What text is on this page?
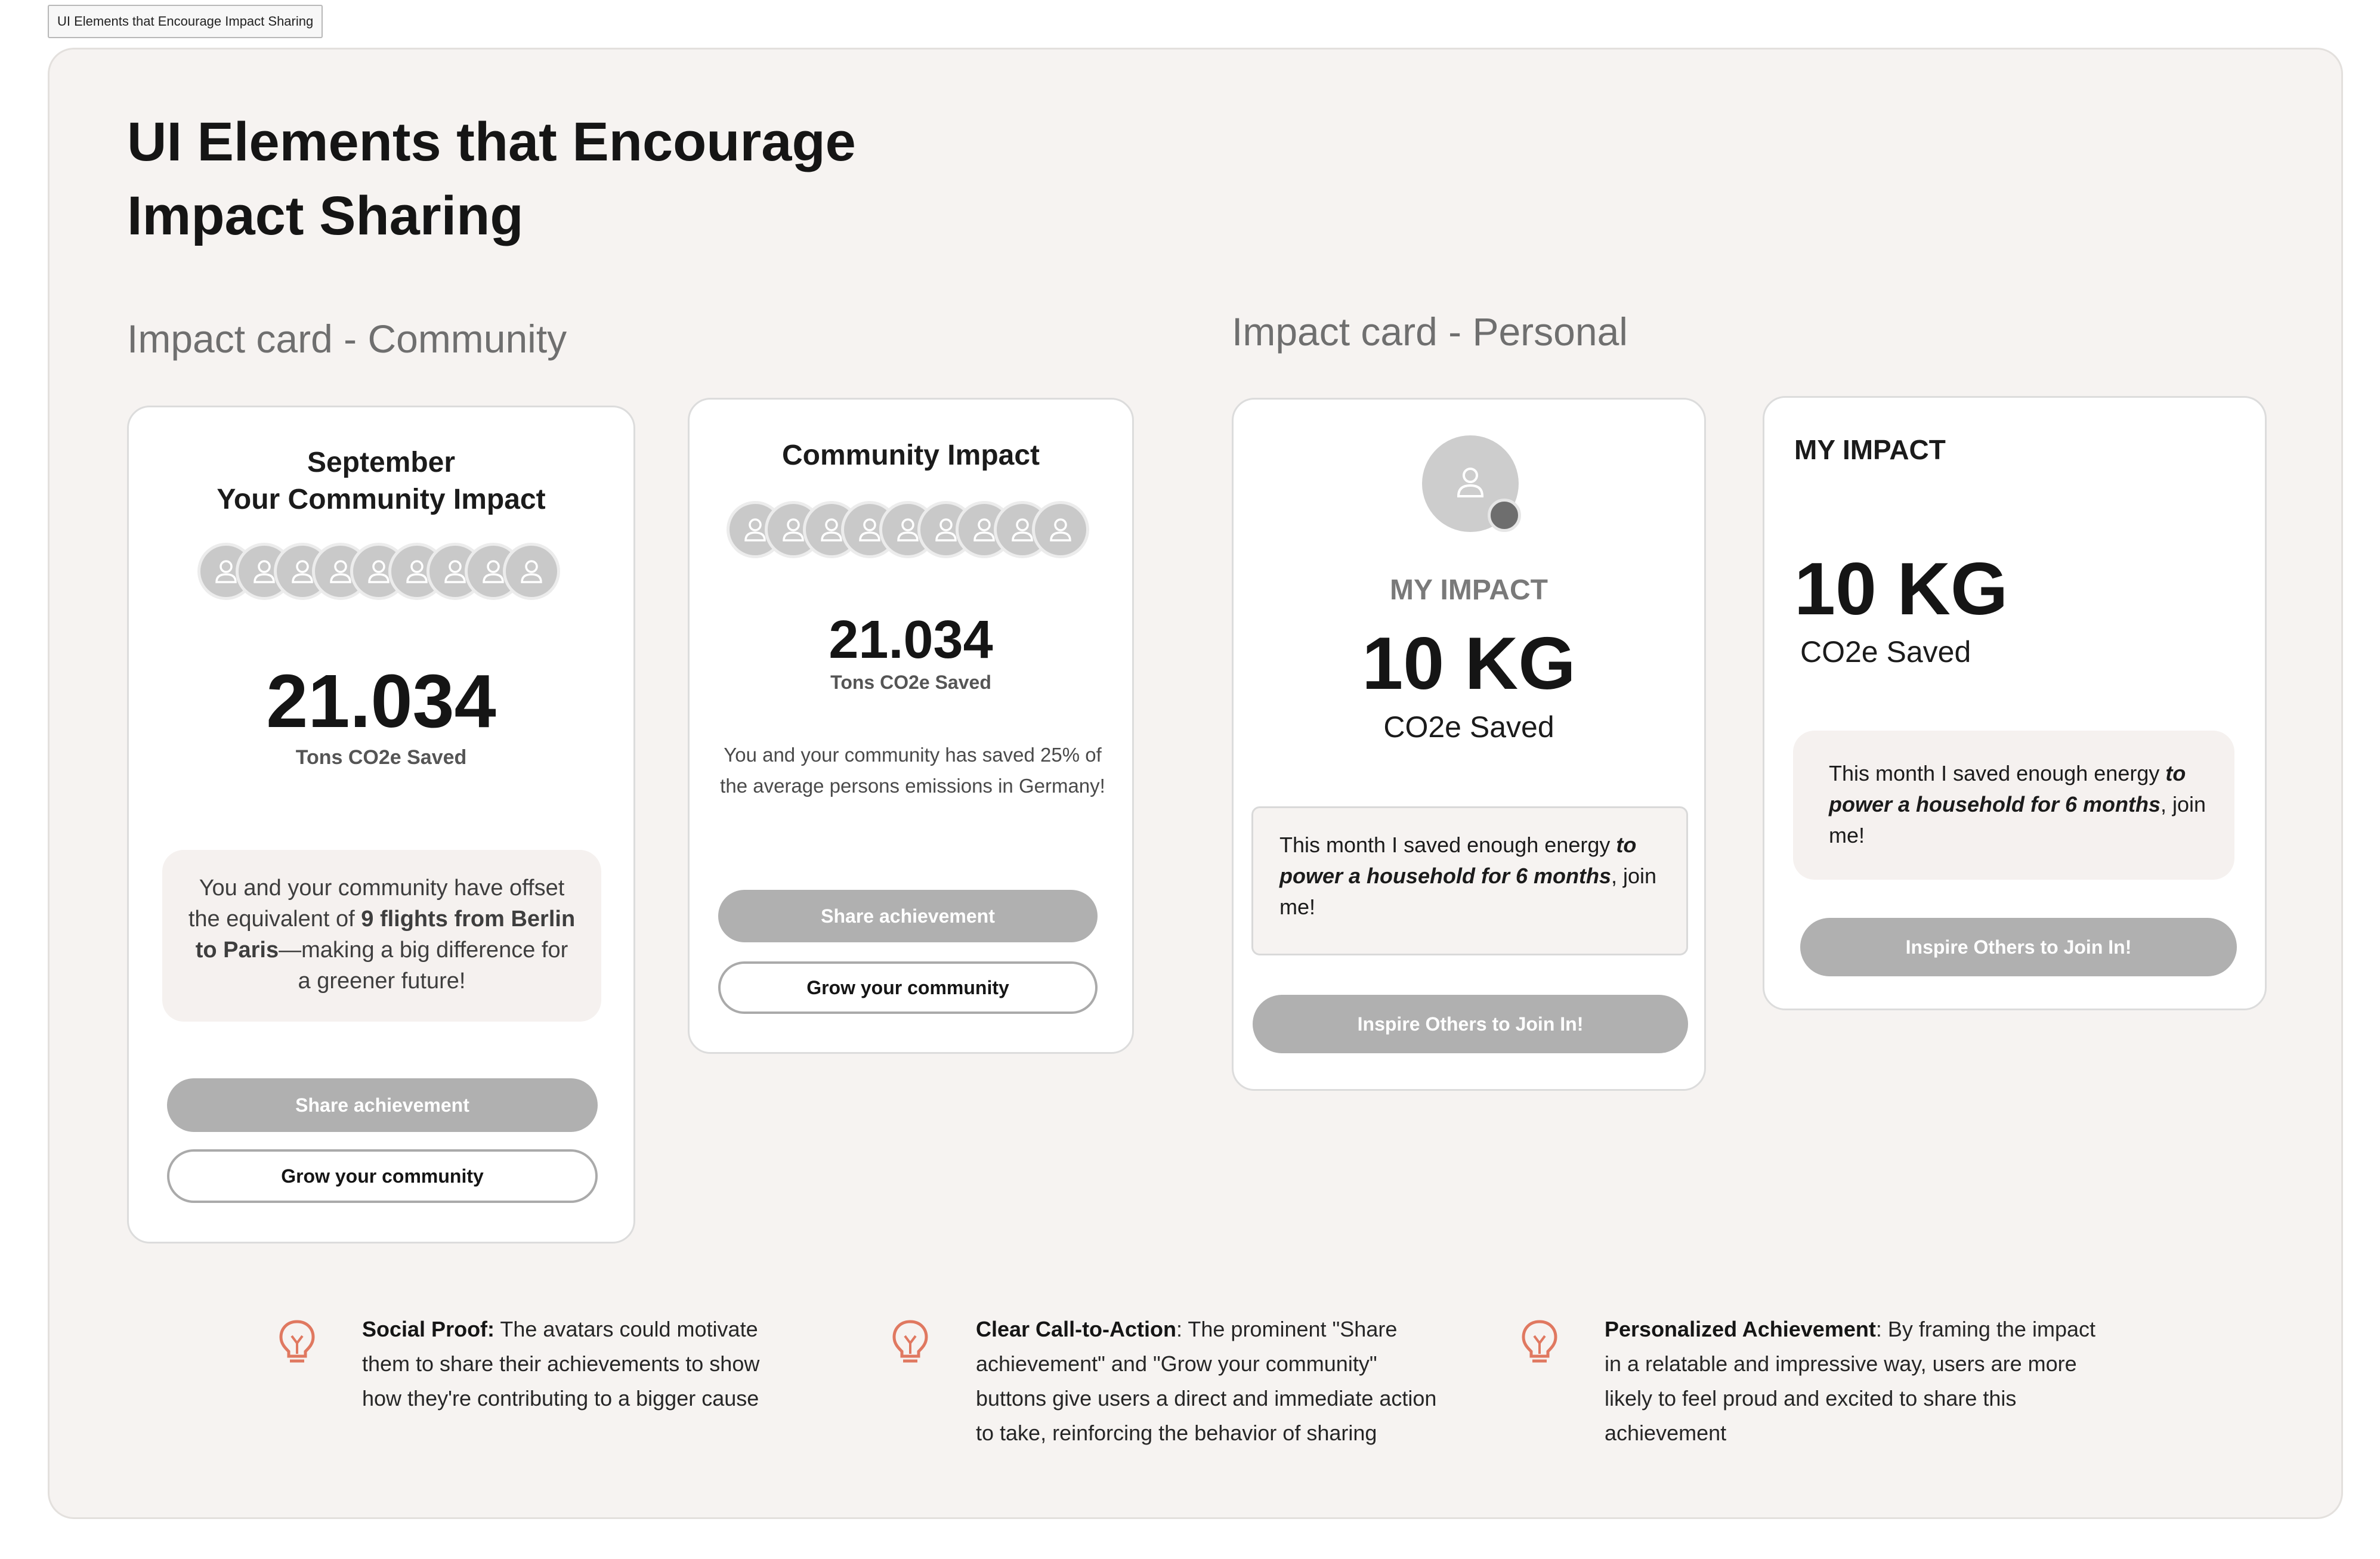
UI Elements that Encourage Impact Sharing
UI Elements that Encourage Impact Sharing
Impact card - Community	Impact card - Personal
September
Your Community Impact
21.034
Tons CO2e Saved
You and your community have offset the equivalent of 9 flights from Berlin to Paris—making a big difference for a greener future!
Share achievement
Grow your community
Community Impact
21.034
Tons CO2e Saved
You and your community has saved 25% of the average persons emissions in Germany!
Share achievement
Grow your community
MY IMPACT
10 KG
CO2e Saved
This month I saved enough energy to power a household for 6 months, join me!
Inspire Others to Join In!
MY IMPACT
10 KG
CO2e Saved
This month I saved enough energy to power a household for 6 months, join me!
Inspire Others to Join In!
Social Proof: The avatars could motivate them to share their achievements to show how they're contributing to a bigger cause
Clear Call-to-Action: The prominent "Share achievement" and "Grow your community" buttons give users a direct and immediate action to take, reinforcing the behavior of sharing
Personalized Achievement: By framing the impact in a relatable and impressive way, users are more likely to feel proud and excited to share this achievement
